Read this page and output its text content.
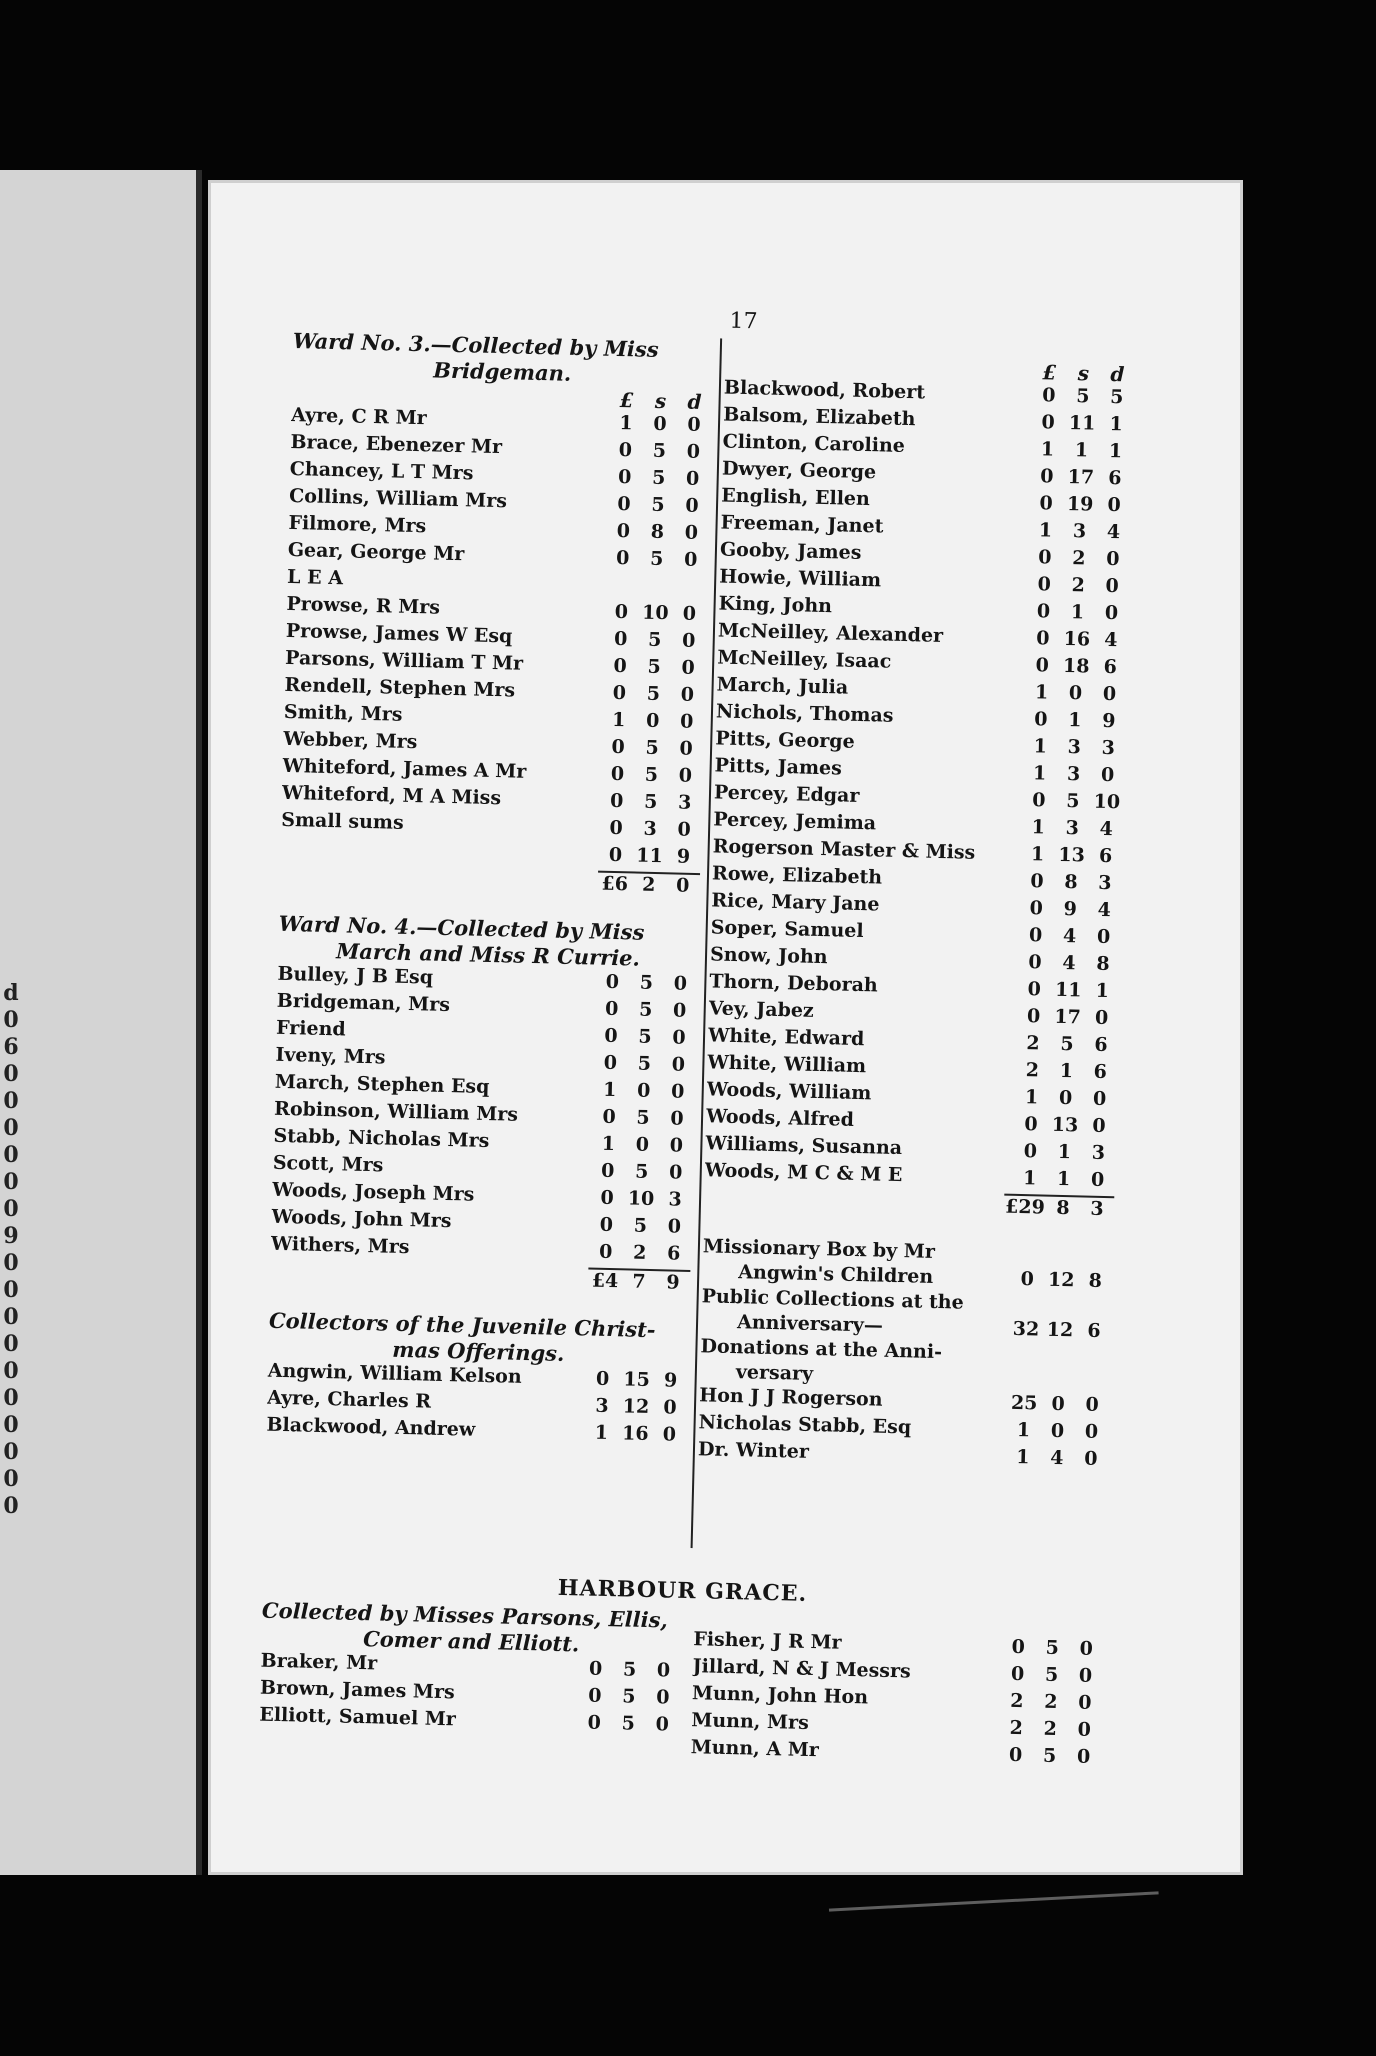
d
0
6
0
0
0
0
0
0
9
0
0
0
0
0
0
0
0
0
0
17
Ward No. 3.—Collected by Miss
Bridgeman.
£	s	d
Ayre, C R Mr	1	0	0
Brace, Ebenezer Mr	0	5	0
Chancey, L T Mrs	0	5	0
Collins, William Mrs	0	5	0
Filmore, Mrs	0	8	0
Gear, George Mr	0	5	0
L E A
Prowse, R Mrs	0 10 0
Prowse, James W Esq	0	5	0
Parsons, William T Mr	0	5	0
Rendell, Stephen Mrs	0	5	0
Smith, Mrs	1	0	0
Webber, Mrs	0	5	0
Whiteford, James A Mr	0	5	0
Whiteford, M A Miss	0	5	3
Small sums	0	3	0
0 11 9
£6 2	0
Ward No. 4.—Collected by Miss
March and Miss R Currie.
Bulley, J B Esq	0	5	0
Bridgeman, Mrs	0	5	0
Friend	0	5	0
Iveny, Mrs	0	5	0
March, Stephen Esq	1	0	0
Robinson, William Mrs	0	5	0
Stabb, Nicholas Mrs	1	0	0
Scott, Mrs	0	5	0
Woods, Joseph Mrs	0 10 3
Woods, John Mrs	0	5	0
Withers, Mrs	0	2	6
£4 7	9
Collectors of the Juvenile Christ-
mas Offerings.
Angwin, William Kelson	0 15 9
Ayre, Charles R	3 12 0
Blackwood, Andrew	1 16 0
£	s	d
Blackwood, Robert	0	5	5
Balsom, Elizabeth	0 11 1
Clinton, Caroline	1	1	1
Dwyer, George	0 17 6
English, Ellen	0 19 0
Freeman, Janet	1	3	4
Gooby, James	0	2	0
Howie, William	0	2	0
King, John	0	1	0
McNeilley, Alexander	0 16 4
McNeilley, Isaac	0 18 6
March, Julia	1	0	0
Nichols, Thomas	0	1	9
Pitts, George	1	3	3
Pitts, James	1	3	0
Percey, Edgar	0	5 10
Percey, Jemima	1	3	4
Rogerson Master & Miss	1 13 6
Rowe, Elizabeth	0	8	3
Rice, Mary Jane	0	9	4
Soper, Samuel	0	4	0
Snow, John	0	4	8
Thorn, Deborah	0 11 1
Vey, Jabez	0 17 0
White, Edward	2	5	6
White, William	2	1	6
Woods, William	1	0	0
Woods, Alfred	0 13 0
Williams, Susanna	0	1	3
Woods, M C & M E	1	1	0
£29 8	3
Missionary Box by Mr
Angwin's Children	0 12 8
Public Collections at the
Anniversary—	32 12 6
Donations at the Anni-
versary
Hon J J Rogerson	25 0	0
Nicholas Stabb, Esq	1	0	0
Dr. Winter	1	4	0
HARBOUR GRACE.
Collected by Misses Parsons, Ellis,
Comer and Elliott.
Braker, Mr	0	5	0
Brown, James Mrs	0	5	0
Elliott, Samuel Mr	0	5	0
Fisher, J R Mr	0	5	0
Jillard, N & J Messrs	0	5	0
Munn, John Hon	2	2	0
Munn, Mrs	2	2	0
Munn, A Mr	0	5	0
